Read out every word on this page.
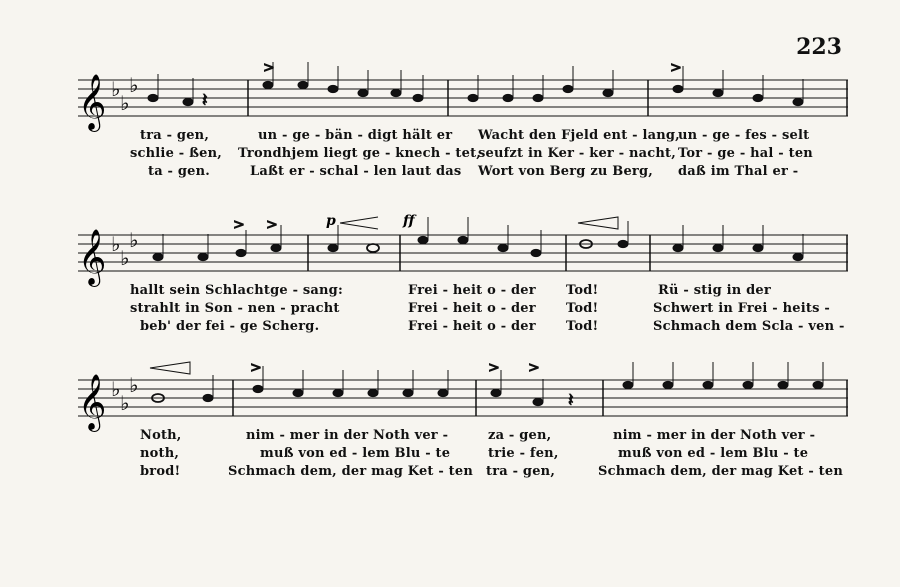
223
𝄞 ♭
♭
♭
𝄽
>	>
tra - gen,	un - ge - bän - digt hält er Wacht den Fjeld ent - lang,
un - ge - fes - selt
schlie - ßen, Trondhjem liegt ge - knech - tet,
seufzt in Ker - ker - nacht, Tor - ge - hal - ten
ta - gen.	Laßt er - schal - len laut das Wort von Berg zu Berg, daß im Thal er -
𝄞 ♭
♭
♭
> >	p	ff
hallt sein Schlachtge - sang:	Frei - heit o - der Tod!	Rü - stig in der
strahlt in Son - nen - pracht	Frei - heit o - der Tod!	Schwert in Frei - heits -
beb' der fei - ge Scherg.	Frei - heit o - der Tod!	Schmach dem Scla - ven -
𝄞 ♭
♭
♭
>	> >
𝄽
Noth,	nim - mer in der Noth ver -	za - gen,	nim - mer in der Noth ver -
noth,	muß von ed - lem Blu - te	trie - fen,	muß von ed - lem Blu - te
brod!	Schmach dem, der mag Ket - ten tra - gen,	Schmach dem, der mag Ket - ten
